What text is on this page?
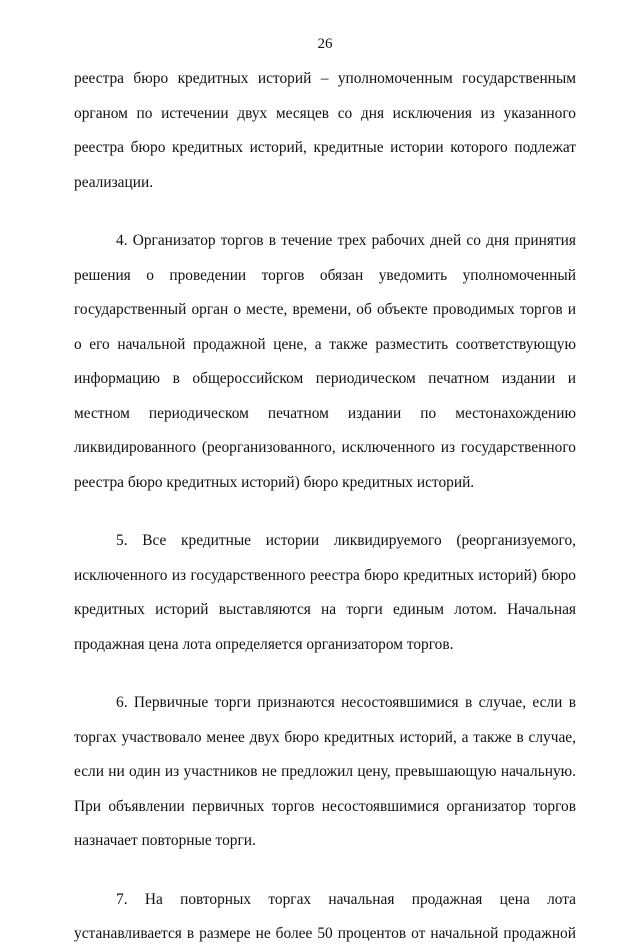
26

реестра бюро кредитных историй – уполномоченным государственным органом по истечении двух месяцев со дня исключения из указанного реестра бюро кредитных историй, кредитные истории которого подлежат реализации.

4. Организатор торгов в течение трех рабочих дней со дня принятия решения о проведении торгов обязан уведомить уполномоченный государственный орган о месте, времени, об объекте проводимых торгов и о его начальной продажной цене, а также разместить соответствующую информацию в общероссийском периодическом печатном издании и местном периодическом печатном издании по местонахождению ликвидированного (реорганизованного, исключенного из государственного реестра бюро кредитных историй) бюро кредитных историй.

5. Все кредитные истории ликвидируемого (реорганизуемого, исключенного из государственного реестра бюро кредитных историй) бюро кредитных историй выставляются на торги единым лотом. Начальная продажная цена лота определяется организатором торгов.

6. Первичные торги признаются несостоявшимися в случае, если в торгах участвовало менее двух бюро кредитных историй, а также в случае, если ни один из участников не предложил цену, превышающую начальную. При объявлении первичных торгов несостоявшимися организатор торгов назначает повторные торги.

7. На повторных торгах начальная продажная цена лота устанавливается в размере не более 50 процентов от начальной продажной
